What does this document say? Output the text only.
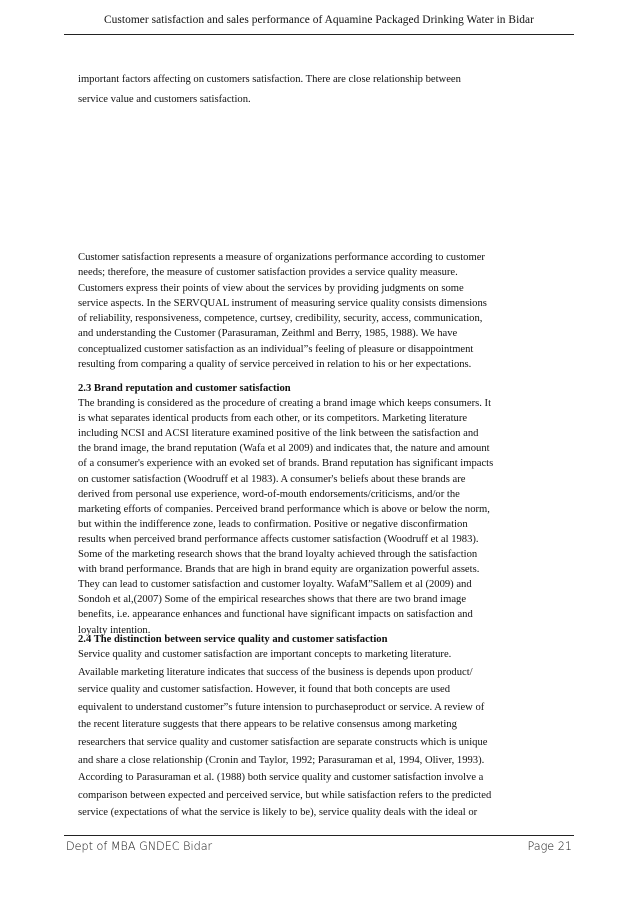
Customer satisfaction and sales performance of Aquamine Packaged Drinking Water in Bidar
important factors affecting on customers satisfaction. There are close relationship between
service value and customers satisfaction.
Customer satisfaction represents a measure of organizations performance according to customer
needs; therefore, the measure of customer satisfaction provides a service quality measure.
Customers express their points of view about the services by providing judgments on some
service aspects. In the SERVQUAL instrument of measuring service quality consists dimensions
of reliability, responsiveness, competence, curtsey, credibility, security, access, communication,
and understanding the Customer (Parasuraman, Zeithml and Berry, 1985, 1988). We have
conceptualized customer satisfaction as an individual”s feeling of pleasure or disappointment
resulting from comparing a quality of service perceived in relation to his or her expectations.
2.3 Brand reputation and customer satisfaction
The branding is considered as the procedure of creating a brand image which keeps consumers. It
is what separates identical products from each other, or its competitors. Marketing literature
including NCSI and ACSI literature examined positive of the link between the satisfaction and
the brand image, the brand reputation (Wafa et al 2009) and indicates that, the nature and amount
of a consumer's experience with an evoked set of brands. Brand reputation has significant impacts
on customer satisfaction (Woodruff et al 1983). A consumer's beliefs about these brands are
derived from personal use experience, word-of-mouth endorsements/criticisms, and/or the
marketing efforts of companies. Perceived brand performance which is above or below the norm,
but within the indifference zone, leads to confirmation. Positive or negative disconfirmation
results when perceived brand performance affects customer satisfaction (Woodruff et al 1983).
Some of the marketing research shows that the brand loyalty achieved through the satisfaction
with brand performance. Brands that are high in brand equity are organization powerful assets.
They can lead to customer satisfaction and customer loyalty. WafaM”Sallem et al (2009) and
Sondoh et al,(2007) Some of the empirical researches shows that there are two brand image
benefits, i.e. appearance enhances and functional have significant impacts on satisfaction and
loyalty intention.
2.4 The distinction between service quality and customer satisfaction
Service quality and customer satisfaction are important concepts to marketing literature.
Available marketing literature indicates that success of the business is depends upon product/
service quality and customer satisfaction. However, it found that both concepts are used
equivalent to understand customer”s future intension to purchaseproduct or service. A review of
the recent literature suggests that there appears to be relative consensus among marketing
researchers that service quality and customer satisfaction are separate constructs which is unique
and share a close relationship (Cronin and Taylor, 1992; Parasuraman et al, 1994, Oliver, 1993).
According to Parasuraman et al. (1988) both service quality and customer satisfaction involve a
comparison between expected and perceived service, but while satisfaction refers to the predicted
service (expectations of what the service is likely to be), service quality deals with the ideal or
Dept of MBA GNDEC Bidar	Page 21
